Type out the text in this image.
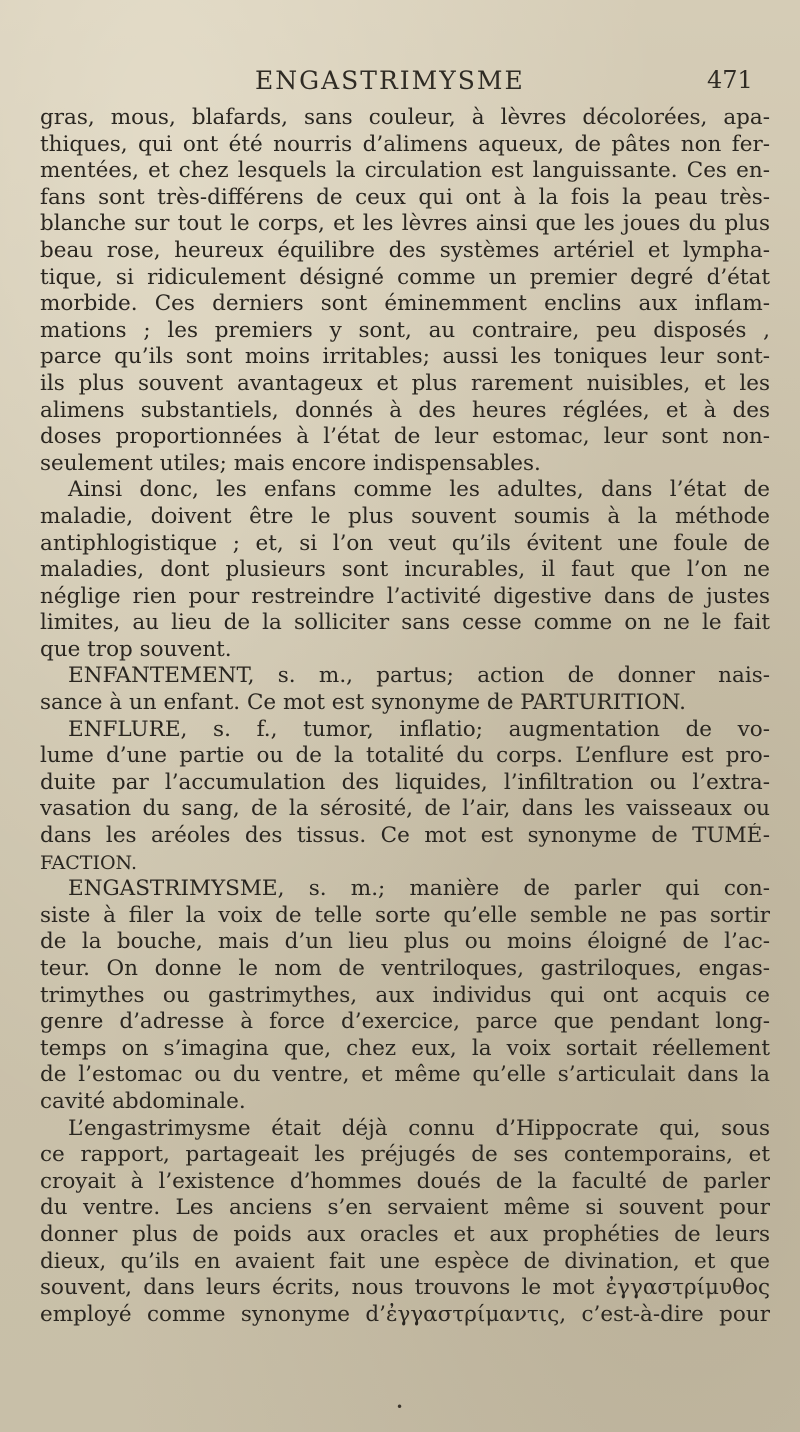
ENGASTRIMYSME	471
gras, mous, blafards, sans couleur, à lèvres décolorées, apa-
thiques, qui ont été nourris d’alimens aqueux, de pâtes non fer-
mentées, et chez lesquels la circulation est languissante. Ces en-
fans sont très-différens de ceux qui ont à la fois la peau très-
blanche sur tout le corps, et les lèvres ainsi que les joues du plus
beau rose, heureux équilibre des systèmes artériel et lympha-
tique, si ridiculement désigné comme un premier degré d’état
morbide. Ces derniers sont éminemment enclins aux inflam-
mations ; les premiers y sont, au contraire, peu disposés ,
parce qu’ils sont moins irritables; aussi les toniques leur sont-
ils plus souvent avantageux et plus rarement nuisibles, et les
alimens substantiels, donnés à des heures réglées, et à des
doses proportionnées à l’état de leur estomac, leur sont non-
seulement utiles; mais encore indispensables.
Ainsi donc, les enfans comme les adultes, dans l’état de
maladie, doivent être le plus souvent soumis à la méthode
antiphlogistique ; et, si l’on veut qu’ils évitent une foule de
maladies, dont plusieurs sont incurables, il faut que l’on ne
néglige rien pour restreindre l’activité digestive dans de justes
limites, au lieu de la solliciter sans cesse comme on ne le fait
que trop souvent.
ENFANTEMENT, s. m., partus; action de donner nais-
sance à un enfant. Ce mot est synonyme de PARTURITION.
ENFLURE, s. f., tumor, inflatio; augmentation de vo-
lume d’une partie ou de la totalité du corps. L’enflure est pro-
duite par l’accumulation des liquides, l’infiltration ou l’extra-
vasation du sang, de la sérosité, de l’air, dans les vaisseaux ou
dans les aréoles des tissus. Ce mot est synonyme de TUMÉ-
FACTION.
ENGASTRIMYSME, s. m.; manière de parler qui con-
siste à filer la voix de telle sorte qu’elle semble ne pas sortir
de la bouche, mais d’un lieu plus ou moins éloigné de l’ac-
teur. On donne le nom de ventriloques, gastriloques, engas-
trimythes ou gastrimythes, aux individus qui ont acquis ce
genre d’adresse à force d’exercice, parce que pendant long-
temps on s’imagina que, chez eux, la voix sortait réellement
de l’estomac ou du ventre, et même qu’elle s’articulait dans la
cavité abdominale.
L’engastrimysme était déjà connu d’Hippocrate qui, sous
ce rapport, partageait les préjugés de ses contemporains, et
croyait à l’existence d’hommes doués de la faculté de parler
du ventre. Les anciens s’en servaient même si souvent pour
donner plus de poids aux oracles et aux prophéties de leurs
dieux, qu’ils en avaient fait une espèce de divination, et que
souvent, dans leurs écrits, nous trouvons le mot ἐγγαστρίμυθος
employé comme synonyme d’ἐγγαστρίμαντις, c’est-à-dire pour
•
